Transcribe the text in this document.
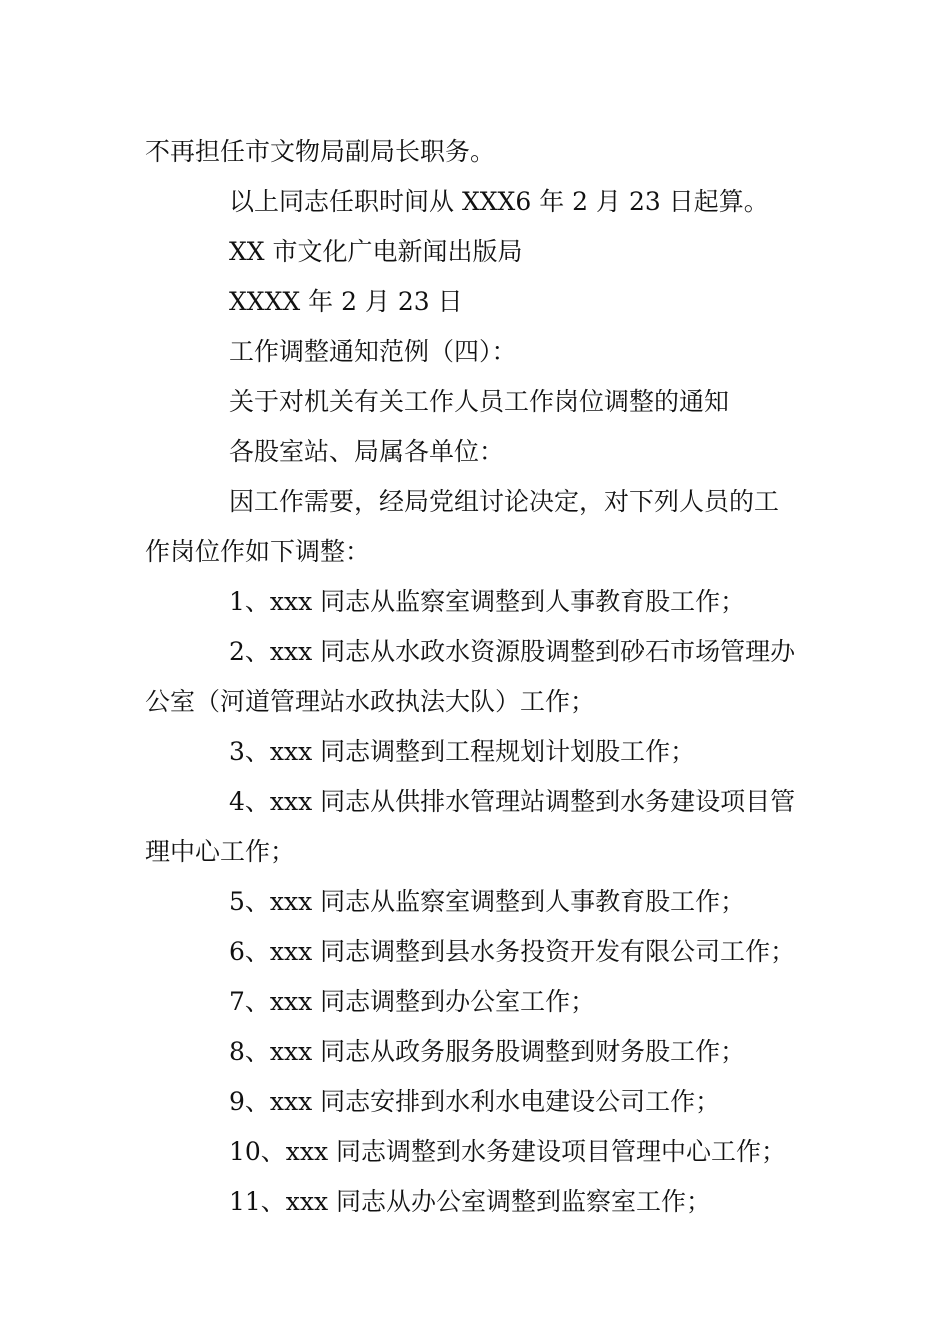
不再担任市文物局副局长职务。
以上同志任职时间从 XXX6 年 2 月 23 日起算。
XX 市文化广电新闻出版局
XXXX 年 2 月 23 日
工作调整通知范例（四）：
关于对机关有关工作人员工作岗位调整的通知
各股室站、局属各单位：
因工作需要，经局党组讨论决定，对下列人员的工
作岗位作如下调整：
1、xxx 同志从监察室调整到人事教育股工作；
2、xxx 同志从水政水资源股调整到砂石市场管理办
公室（河道管理站水政执法大队）工作；
3、xxx 同志调整到工程规划计划股工作；
4、xxx 同志从供排水管理站调整到水务建设项目管
理中心工作；
5、xxx 同志从监察室调整到人事教育股工作；
6、xxx 同志调整到县水务投资开发有限公司工作；
7、xxx 同志调整到办公室工作；
8、xxx 同志从政务服务股调整到财务股工作；
9、xxx 同志安排到水利水电建设公司工作；
10、xxx 同志调整到水务建设项目管理中心工作；
11、xxx 同志从办公室调整到监察室工作；
